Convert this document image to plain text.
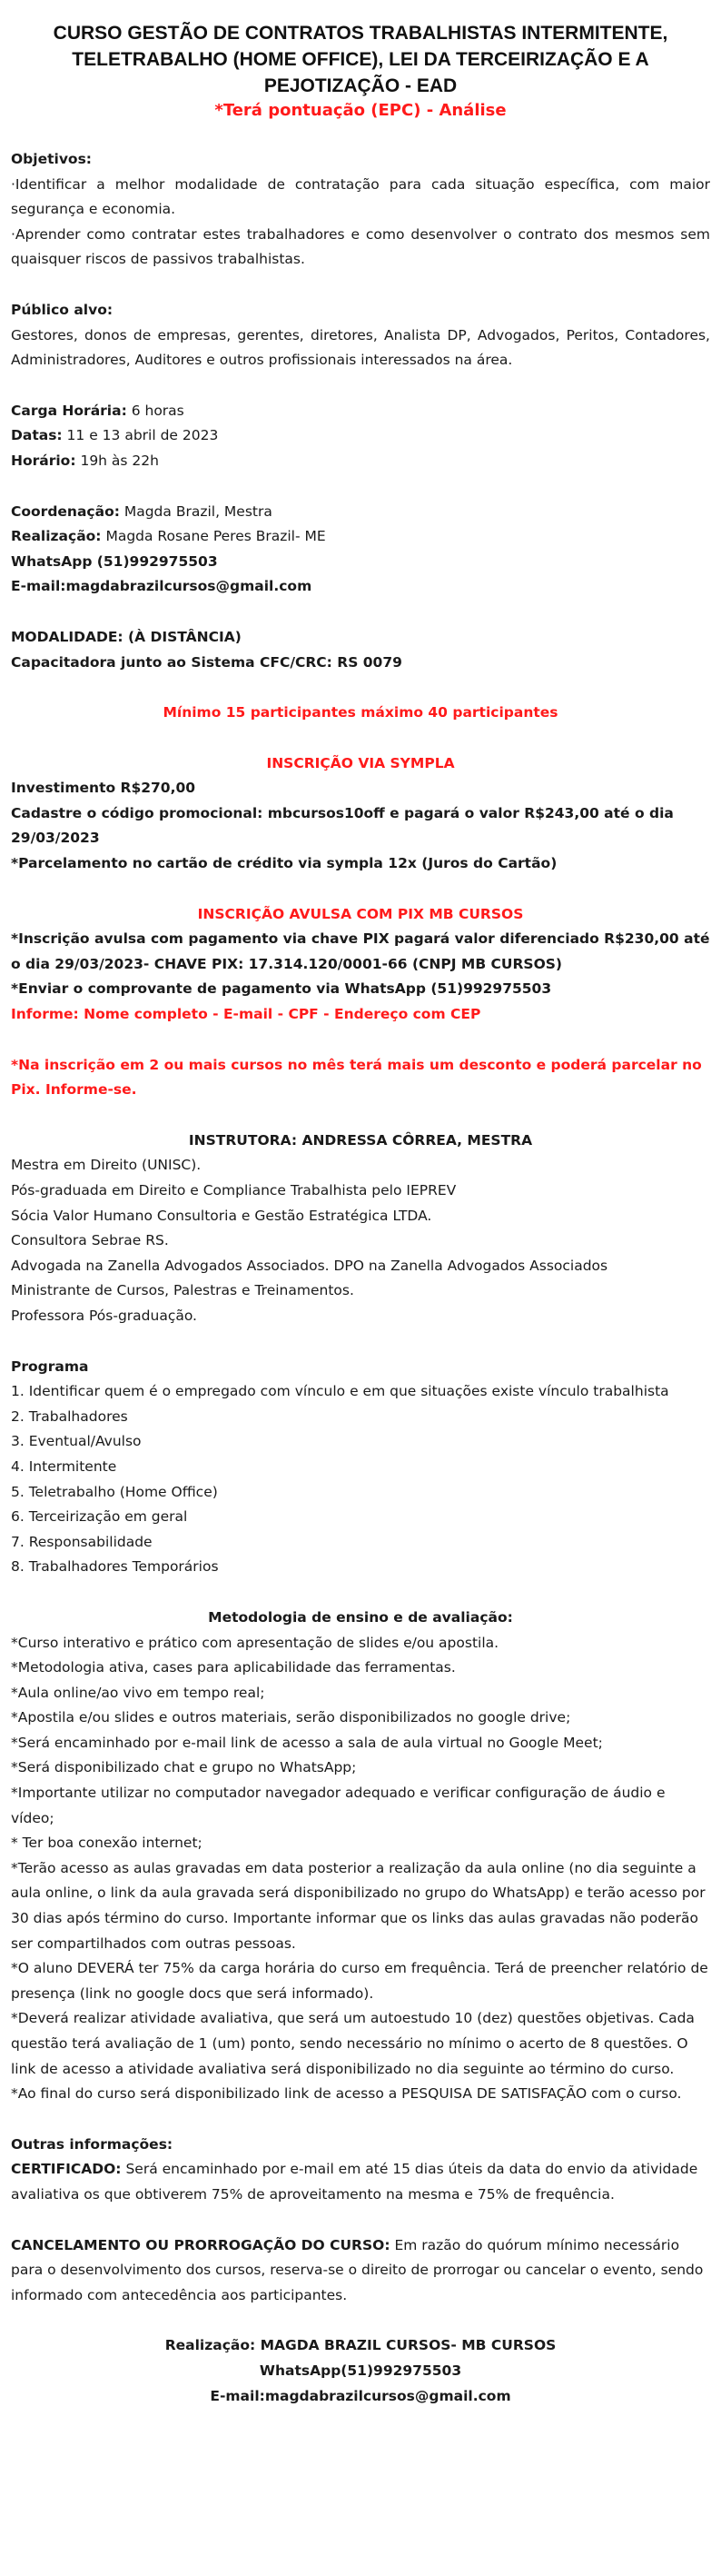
CURSO GESTÃO DE CONTRATOS TRABALHISTAS INTERMITENTE, TELETRABALHO (HOME OFFICE), LEI DA TERCEIRIZAÇÃO E A PEJOTIZAÇÃO - EAD

*Terá pontuação (EPC) - Análise

Objetivos:

·Identificar a melhor modalidade de contratação para cada situação específica, com maior segurança e economia.

·Aprender como contratar estes trabalhadores e como desenvolver o contrato dos mesmos sem quaisquer riscos de passivos trabalhistas.

Público alvo:

Gestores, donos de empresas, gerentes, diretores, Analista DP, Advogados, Peritos, Contadores, Administradores, Auditores e outros profissionais interessados na área.

Carga Horária: 6 horas

Datas: 11 e 13 abril de 2023

Horário: 19h às 22h

Coordenação: Magda Brazil, Mestra

Realização: Magda Rosane Peres Brazil- ME

WhatsApp (51)992975503

E-mail:magdabrazilcursos@gmail.com

MODALIDADE: (À DISTÂNCIA)

Capacitadora junto ao Sistema CFC/CRC: RS 0079

Mínimo 15 participantes máximo 40 participantes

INSCRIÇÃO VIA SYMPLA

Investimento R$270,00

Cadastre o código promocional: mbcursos10off e pagará o valor R$243,00 até o dia 29/03/2023

*Parcelamento no cartão de crédito via sympla 12x (Juros do Cartão)

INSCRIÇÃO AVULSA COM PIX MB CURSOS

*Inscrição avulsa com pagamento via chave PIX pagará valor diferenciado R$230,00 até o dia 29/03/2023- CHAVE PIX: 17.314.120/0001-66 (CNPJ MB CURSOS)

*Enviar o comprovante de pagamento via WhatsApp (51)992975503

Informe: Nome completo - E-mail - CPF - Endereço com CEP

*Na inscrição em 2 ou mais cursos no mês terá mais um desconto e poderá parcelar no Pix. Informe-se.

INSTRUTORA: ANDRESSA CÔRREA, MESTRA

Mestra em Direito (UNISC).

Pós-graduada em Direito e Compliance Trabalhista pelo IEPREV

Sócia Valor Humano Consultoria e Gestão Estratégica LTDA.

Consultora Sebrae RS.

Advogada na Zanella Advogados Associados. DPO na Zanella Advogados Associados

Ministrante de Cursos, Palestras e Treinamentos.

Professora Pós-graduação.

Programa

1. Identificar quem é o empregado com vínculo e em que situações existe vínculo trabalhista

2. Trabalhadores

3. Eventual/Avulso

4. Intermitente

5. Teletrabalho (Home Office)

6. Terceirização em geral

7. Responsabilidade

8. Trabalhadores Temporários

Metodologia de ensino e de avaliação:

*Curso interativo e prático com apresentação de slides e/ou apostila.

*Metodologia ativa, cases para aplicabilidade das ferramentas.

*Aula online/ao vivo em tempo real;

*Apostila e/ou slides e outros materiais, serão disponibilizados no google drive;

*Será encaminhado por e-mail link de acesso a sala de aula virtual no Google Meet;

*Será disponibilizado chat e grupo no WhatsApp;

*Importante utilizar no computador navegador adequado e verificar configuração de áudio e vídeo;

* Ter boa conexão internet;

*Terão acesso as aulas gravadas em data posterior a realização da aula online (no dia seguinte a aula online, o link da aula gravada será disponibilizado no grupo do WhatsApp) e terão acesso por 30 dias após término do curso. Importante informar que os links das aulas gravadas não poderão ser compartilhados com outras pessoas.

*O aluno DEVERÁ ter 75% da carga horária do curso em frequência. Terá de preencher relatório de presença (link no google docs que será informado).

*Deverá realizar atividade avaliativa, que será um autoestudo 10 (dez) questões objetivas. Cada questão terá avaliação de 1 (um) ponto, sendo necessário no mínimo o acerto de 8 questões. O link de acesso a atividade avaliativa será disponibilizado no dia seguinte ao término do curso.

*Ao final do curso será disponibilizado link de acesso a PESQUISA DE SATISFAÇÃO com o curso.

Outras informações:

CERTIFICADO: Será encaminhado por e-mail em até 15 dias úteis da data do envio da atividade avaliativa os que obtiverem 75% de aproveitamento na mesma e 75% de frequência.

CANCELAMENTO OU PRORROGAÇÃO DO CURSO: Em razão do quórum mínimo necessário para o desenvolvimento dos cursos, reserva-se o direito de prorrogar ou cancelar o evento, sendo informado com antecedência aos participantes.

Realização: MAGDA BRAZIL CURSOS- MB CURSOS

WhatsApp(51)992975503

E-mail:magdabrazilcursos@gmail.com
